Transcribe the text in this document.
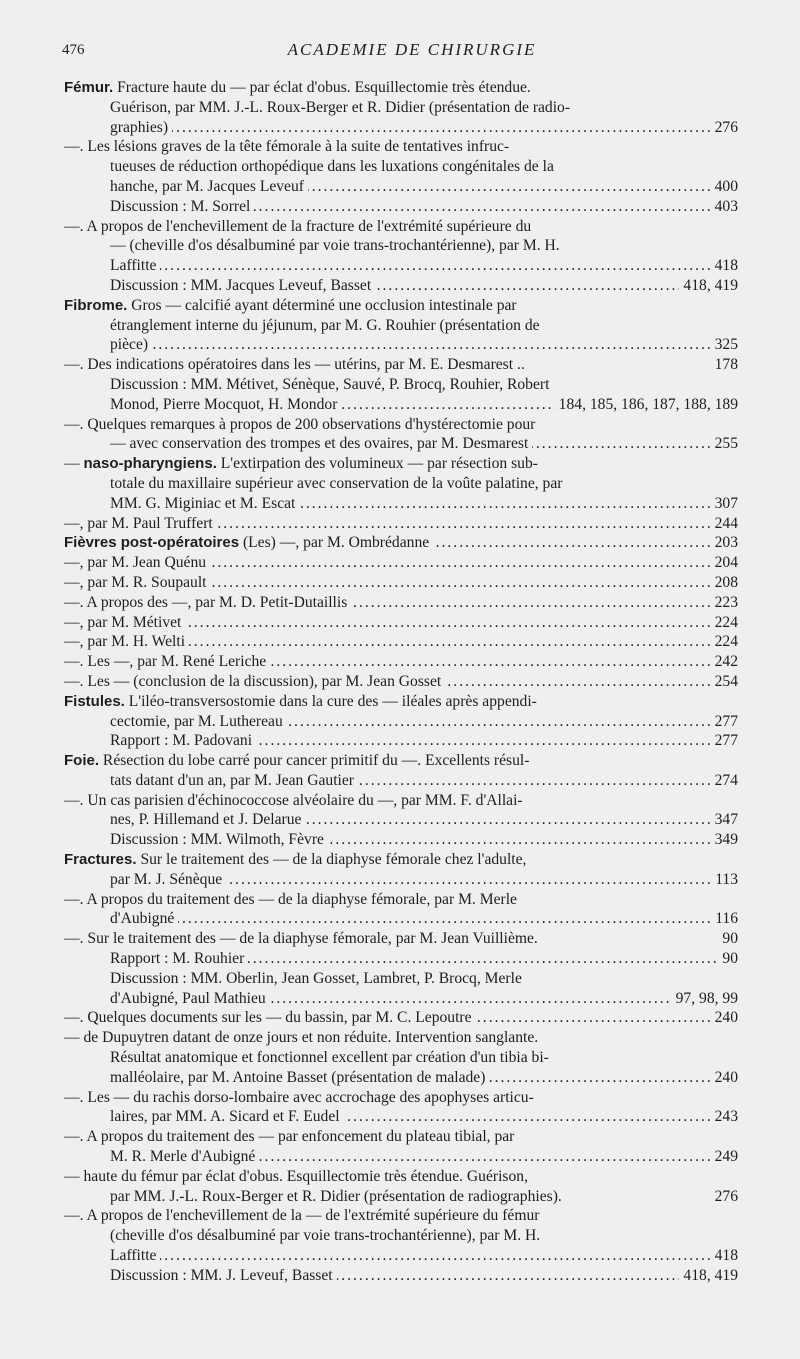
476	ACADEMIE DE CHIRURGIE
Fémur. Fracture haute du — par éclat d'obus. Esquillectomie très étendue.
Guérison, par MM. J.-L. Roux-Berger et R. Didier (présentation de radio-
.....
graphies)	276
—. Les lésions graves de la tête fémorale à la suite de tentatives infruc-
tueuses de réduction orthopédique dans les luxations congénitales de la
.....
hanche, par M. Jacques Leveuf	400
.....
Discussion : M. Sorrel	403
—. A propos de l'enchevillement de la fracture de l'extrémité supérieure du
— (cheville d'os désalbuminé par voie trans-trochantérienne), par M. H.
.....
Laffitte	418
.....
Discussion : MM. Jacques Leveuf, Basset	418, 419
Fibrome. Gros — calcifié ayant déterminé une occlusion intestinale par
étranglement interne du jéjunum, par M. G. Rouhier (présentation de
.....
pièce)	325
—. Des indications opératoires dans les — utérins, par M. E. Desmarest ..	178
Discussion : MM. Métivet, Sénèque, Sauvé, P. Brocq, Rouhier, Robert
.....
Monod, Pierre Mocquot, H. Mondor	184, 185, 186, 187, 188, 189
—. Quelques remarques à propos de 200 observations d'hystérectomie pour
.....
— avec conservation des trompes et des ovaires, par M. Desmarest	255
— naso-pharyngiens. L'extirpation des volumineux — par résection sub-
totale du maxillaire supérieur avec conservation de la voûte palatine, par
.....
MM. G. Miginiac et M. Escat	307
.....
—, par M. Paul Truffert	244
.....
Fièvres post-opératoires (Les) —, par M. Ombrédanne	203
.....
—, par M. Jean Quénu	204
.....
—, par M. R. Soupault	208
.....
—. A propos des —, par M. D. Petit-Dutaillis	223
.....
—, par M. Métivet	224
.....
—, par M. H. Welti	224
.....
—. Les —, par M. René Leriche	242
.....
—. Les — (conclusion de la discussion), par M. Jean Gosset	254
Fistules. L'iléo-transversostomie dans la cure des — iléales après appendi-
.....
cectomie, par M. Luthereau	277
.....
Rapport : M. Padovani	277
Foie. Résection du lobe carré pour cancer primitif du —. Excellents résul-
.....
tats datant d'un an, par M. Jean Gautier	274
—. Un cas parisien d'échinococcose alvéolaire du —, par MM. F. d'Allai-
.....
nes, P. Hillemand et J. Delarue	347
.....
Discussion : MM. Wilmoth, Fèvre	349
Fractures. Sur le traitement des — de la diaphyse fémorale chez l'adulte,
.....
par M. J. Sénèque	113
—. A propos du traitement des — de la diaphyse fémorale, par M. Merle
.....
d'Aubigné	116
—. Sur le traitement des — de la diaphyse fémorale, par M. Jean Vuillième.	90
.....
Rapport : M. Rouhier	90
Discussion : MM. Oberlin, Jean Gosset, Lambret, P. Brocq, Merle
.....
d'Aubigné, Paul Mathieu	97, 98, 99
.....
—. Quelques documents sur les — du bassin, par M. C. Lepoutre	240
— de Dupuytren datant de onze jours et non réduite. Intervention sanglante.
Résultat anatomique et fonctionnel excellent par création d'un tibia bi-
.....
malléolaire, par M. Antoine Basset (présentation de malade)	240
—. Les — du rachis dorso-lombaire avec accrochage des apophyses articu-
.....
laires, par MM. A. Sicard et F. Eudel	243
—. A propos du traitement des — par enfoncement du plateau tibial, par
.....
M. R. Merle d'Aubigné	249
— haute du fémur par éclat d'obus. Esquillectomie très étendue. Guérison,
par MM. J.-L. Roux-Berger et R. Didier (présentation de radiographies).	276
—. A propos de l'enchevillement de la — de l'extrémité supérieure du fémur
(cheville d'os désalbuminé par voie trans-trochantérienne), par M. H.
.....
Laffitte	418
.....
Discussion : MM. J. Leveuf, Basset	418, 419
